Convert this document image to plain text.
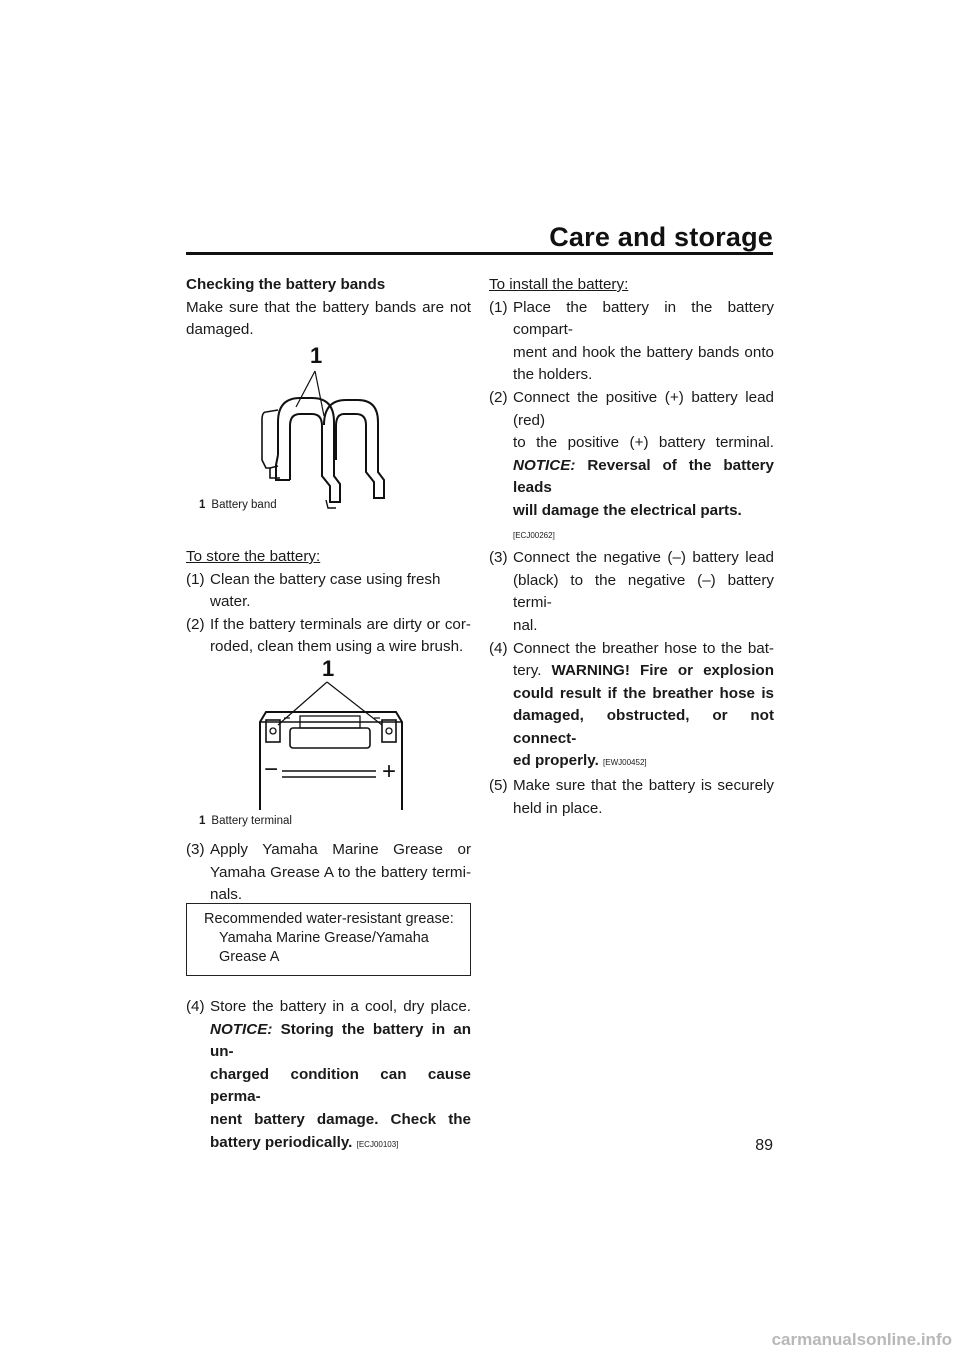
Care and storage

Checking the battery bands

Make sure that the battery bands are not

damaged.

1
1 Battery band

To store the battery:

(1) Clean the battery case using fresh water.

(2) If the battery terminals are dirty or cor-

roded, clean them using a wire brush.

1
−	+
1 Battery terminal
(3) Apply Yamaha Marine Grease or

Yamaha Grease A to the battery termi-

nals.

Recommended water-resistant grease:
Yamaha Marine Grease/Yamaha
Grease A
(4) Store the battery in a cool, dry place.

NOTICE: Storing the battery in an un-

charged condition can cause perma-

nent battery damage. Check the

battery periodically. [ECJ00103]

To install the battery:

(1) Place the battery in the battery compart-

ment and hook the battery bands onto

the holders.

(2) Connect the positive (+) battery lead (red)

to the positive (+) battery terminal.

NOTICE: Reversal of the battery leads

will damage the electrical parts. [ECJ00262]

(3) Connect the negative (–) battery lead

(black) to the negative (–) battery termi-

nal.

(4) Connect the breather hose to the bat-

tery. WARNING! Fire or explosion

could result if the breather hose is

damaged, obstructed, or not connect-

ed properly. [EWJ00452]

(5) Make sure that the battery is securely

held in place.

89
carmanualsonline.info
